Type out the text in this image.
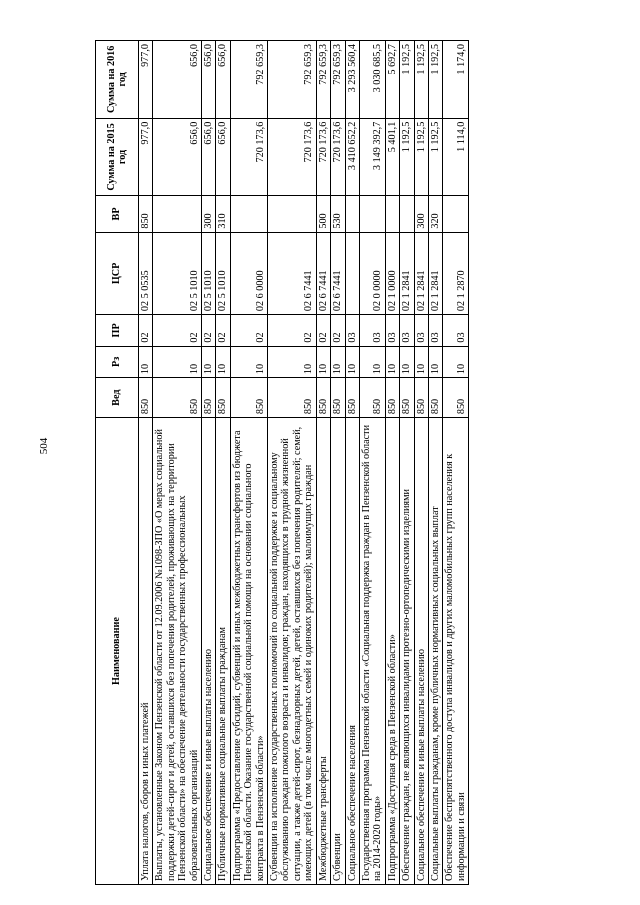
504
Наименование	Вед	Рз	ПР	ЦСР	ВР	Сумма на 2015 год	Сумма на 2016 год
Уплата налогов, сборов и иных платежей	850	10	02	02 5 0535	850	977,0	977,0
Выплаты, установленные Законом Пензенской области от 12.09.2006 №1098-ЗПО «О мерах социальной поддержки детей-сирот и детей, оставшихся без попечения родителей, проживающих на территории Пензенской области» на обеспечение деятельности государственных профессиональных образовательных организаций	850	10	02	02 5 1010		656,0	656,0
Социальное обеспечение и иные выплаты населению	850	10	02	02 5 1010	300	656,0	656,0
Публичные нормативные социальные выплаты гражданам	850	10	02	02 5 1010	310	656,0	656,0
Подпрограмма «Предоставление субсидий, субвенций и иных межбюджетных трансфертов из бюджета Пензенской области. Оказание государственной социальной помощи на основании социального контракта в Пензенской области»	850	10	02	02 6 0000		720 173,6	792 659,3
Субвенции на исполнение государственных полномочий по социальной поддержке и социальному обслуживанию граждан пожилого возраста и инвалидов; граждан, находящихся в трудной жизненной ситуации, а также детей-сирот, безнадзорных детей, детей, оставшихся без попечения родителей; семей, имеющих детей (в том числе многодетных семей и одиноких родителей); малоимущих граждан	850	10	02	02 6 7441		720 173,6	792 659,3
Межбюджетные трансферты	850	10	02	02 6 7441	500	720 173,6	792 659,3
Субвенции	850	10	02	02 6 7441	530	720 173,6	792 659,3
Социальное обеспечение населения	850	10	03			3 410 652,2	3 293 560,4
Государственная программа Пензенской области «Социальная поддержка граждан в Пензенской области на 2014-2020 годы»	850	10	03	02 0 0000		3 149 392,7	3 030 685,5
Подпрограмма «Доступная среда в Пензенской области»	850	10	03	02 1 0000		5 401,1	5 692,7
Обеспечение граждан, не являющихся инвалидами протезно-ортопедическими изделиями	850	10	03	02 1 2841		1 192,5	1 192,5
Социальное обеспечение и иные выплаты населению	850	10	03	02 1 2841	300	1 192,5	1 192,5
Социальные выплаты гражданам, кроме публичных нормативных социальных выплат	850	10	03	02 1 2841	320	1 192,5	1 192,5
Обеспечение беспрепятственного доступа инвалидов и других маломобильных групп населения к информации и связи	850	10	03	02 1 2870		1 114,0	1 174,0
